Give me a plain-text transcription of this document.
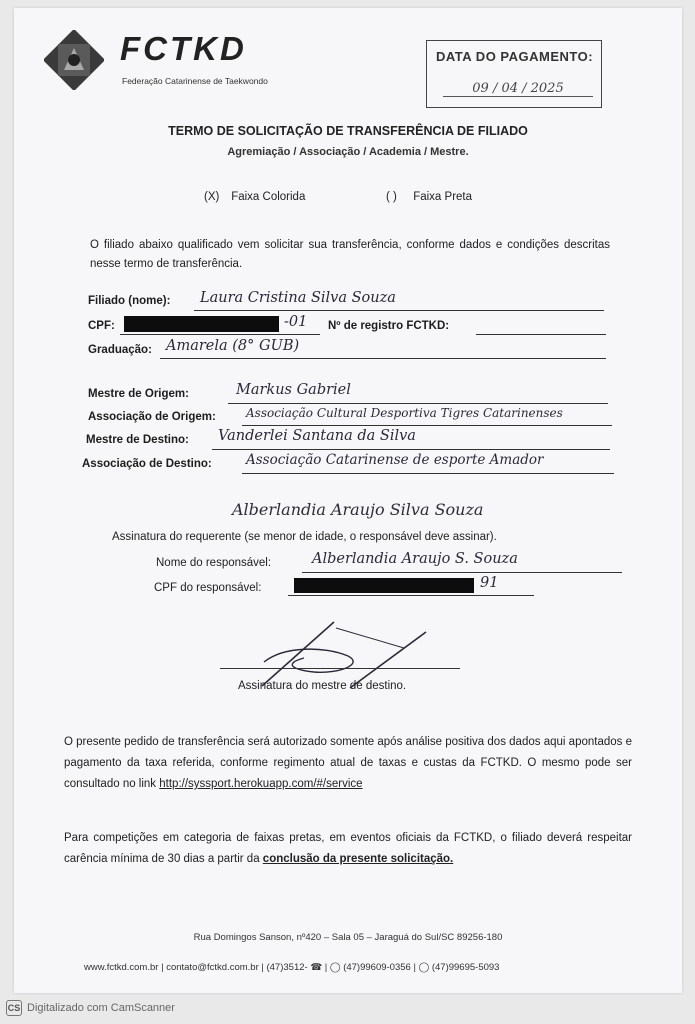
FCTKD
Federação Catarinense de Taekwondo
DATA DO PAGAMENTO:
09 / 04 / 2025
TERMO DE SOLICITAÇÃO DE TRANSFERÊNCIA DE FILIADO
Agremiação / Associação / Academia / Mestre.
(X) Faixa Colorida	( ) Faixa Preta
O filiado abaixo qualificado vem solicitar sua transferência, conforme dados e condições descritas nesse termo de transferência.
Filiado (nome): Laura Cristina Silva Souza
CPF:	-01 Nº de registro FCTKD:
Graduação: Amarela (8° GUB)
Mestre de Origem:	Markus Gabriel
Associação de Origem:	Associação Cultural Desportiva Tigres Catarinenses
Mestre de Destino: Vanderlei Santana da Silva
Associação de Destino:	Associação Catarinense de esporte Amador
Alberlandia Araujo Silva Souza
Assinatura do requerente (se menor de idade, o responsável deve assinar).
Nome do responsável:	Alberlandia Araujo S. Souza
CPF do responsável:	91
Assinatura do mestre de destino.
O presente pedido de transferência será autorizado somente após análise positiva dos dados aqui apontados e pagamento da taxa referida, conforme regimento atual de taxas e custas da FCTKD. O mesmo pode ser consultado no link http://syssport.herokuapp.com/#/service
Para competições em categoria de faixas pretas, em eventos oficiais da FCTKD, o filiado deverá respeitar carência mínima de 30 dias a partir da conclusão da presente solicitação.
Rua Domingos Sanson, nº420 – Sala 05 – Jaraguá do Sul/SC 89256-180
www.fctkd.com.br | contato@fctkd.com.br | (47)3512- ☎ | ◯ (47)99609-0356 | ◯ (47)99695-5093
CS Digitalizado com CamScanner
